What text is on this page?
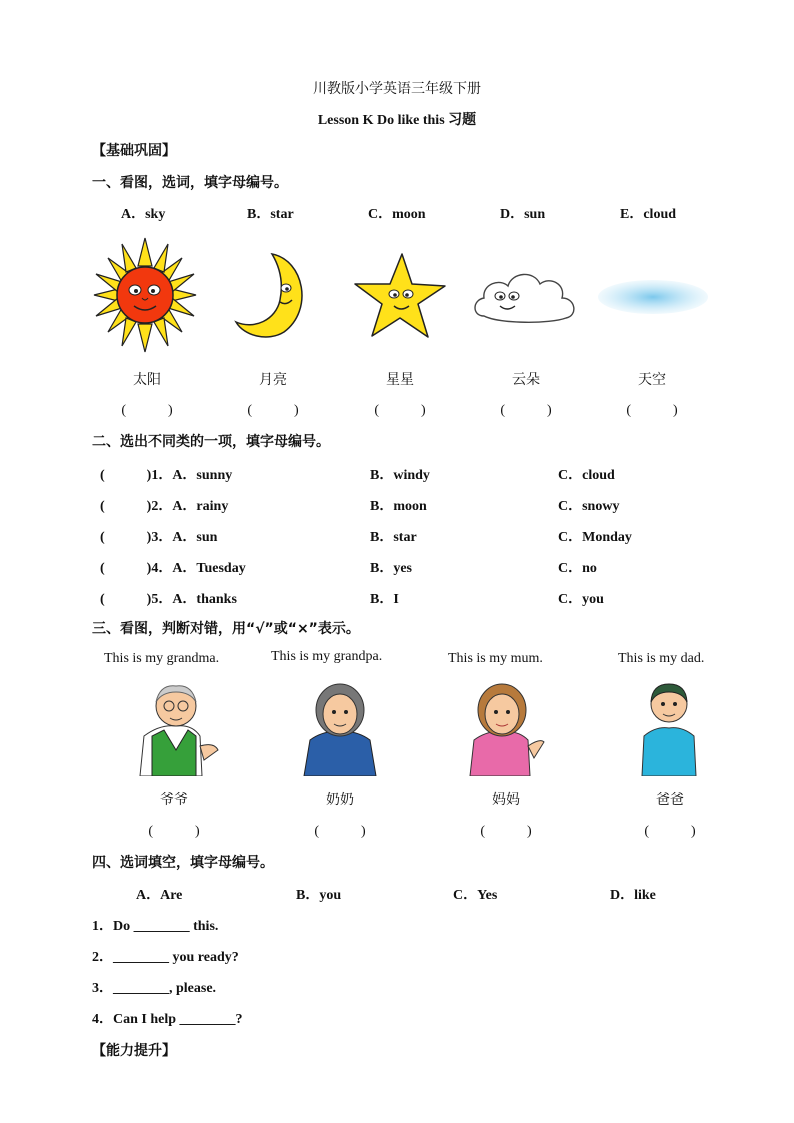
川教版小学英语三年级下册
Lesson K Do like this 习题
【基础巩固】
一、看图，选词，填字母编号。
A．sky	B．star	C．moon	D．sun	E．cloud
太阳	月亮	星星	云朵	天空
(　　　)	(　　　)	(　　　)	(　　　)	(　　　)
二、选出不同类的一项，填字母编号。
(　　　)1．A．sunny	B．windy	C．cloud
(　　　)2．A．rainy	B．moon	C．snowy
(　　　)3．A．sun	B．star	C．Monday
(　　　)4．A．Tuesday	B．yes	C．no
(　　　)5．A．thanks	B．I	C．you
三、看图，判断对错，用“√”或“×”表示。
This is my grandma.	This is my grandpa.	This is my mum.	This is my dad.
爷爷	奶奶	妈妈	爸爸
(　　　)	(　　　)	(　　　)	(　　　)
四、选词填空，填字母编号。
A．Are	B．you	C．Yes	D．like
1．Do ________ this.
2．________ you ready?
3．________, please.
4．Can I help ________?
【能力提升】
